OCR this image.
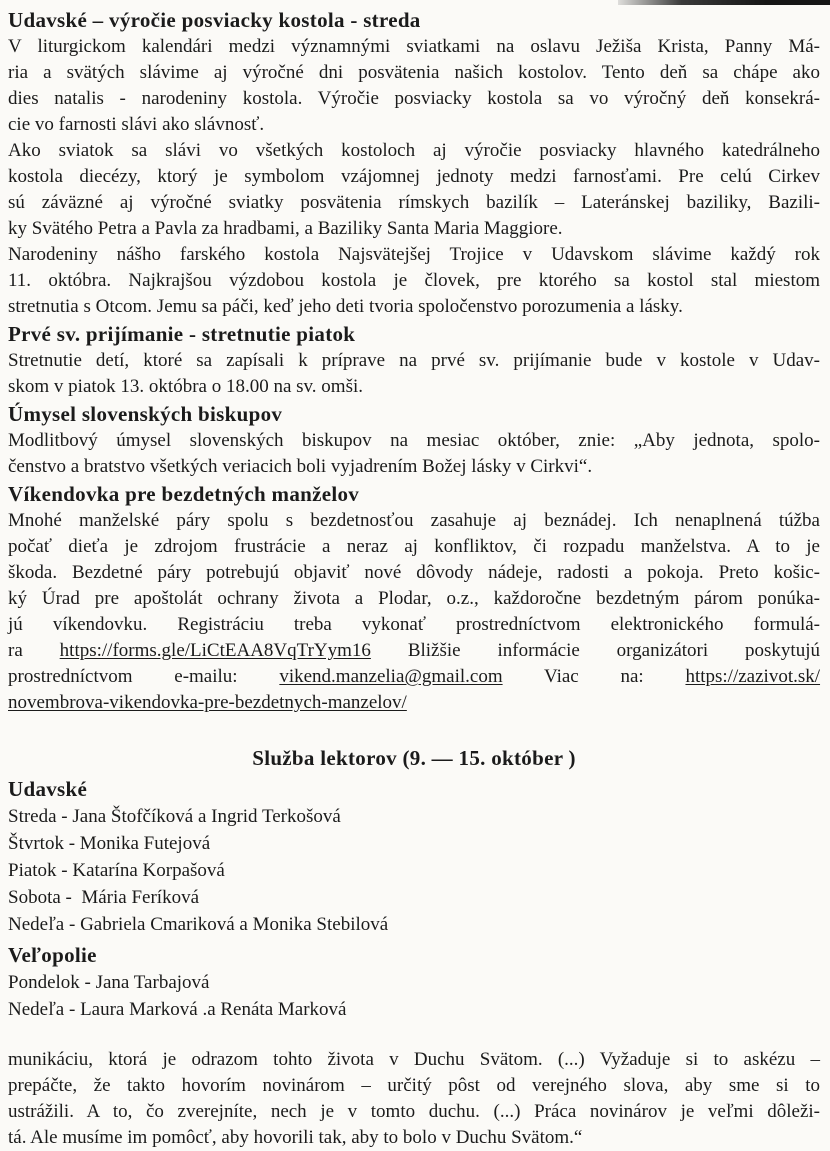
Udavské – výročie posviacky kostola - streda
V liturgickom kalendári medzi významnými sviatkami na oslavu Ježiša Krista, Panny Má-
ria a svätých slávime aj výročné dni posvätenia našich kostolov. Tento deň sa chápe ako
dies natalis - narodeniny kostola. Výročie posviacky kostola sa vo výročný deň konsekrá-
cie vo farnosti slávi ako slávnosť.
Ako sviatok sa slávi vo všetkých kostoloch aj výročie posviacky hlavného katedrálneho
kostola diecézy, ktorý je symbolom vzájomnej jednoty medzi farnosťami. Pre celú Cirkev
sú záväzné aj výročné sviatky posvätenia rímskych bazilík – Lateránskej baziliky, Bazili-
ky Svätého Petra a Pavla za hradbami, a Baziliky Santa Maria Maggiore.
Narodeniny nášho farského kostola Najsvätejšej Trojice v Udavskom slávime každý rok
11. októbra. Najkrajšou výzdobou kostola je človek, pre ktorého sa kostol stal miestom
stretnutia s Otcom. Jemu sa páči, keď jeho deti tvoria spoločenstvo porozumenia a lásky.
Prvé sv. prijímanie - stretnutie piatok
Stretnutie detí, ktoré sa zapísali k príprave na prvé sv. prijímanie bude v kostole v Udav-
skom v piatok 13. októbra o 18.00 na sv. omši.
Úmysel slovenských biskupov
Modlitbový úmysel slovenských biskupov na mesiac október, znie: „Aby jednota, spolo-
čenstvo a bratstvo všetkých veriacich boli vyjadrením Božej lásky v Cirkvi“.
Víkendovka pre bezdetných manželov
Mnohé manželské páry spolu s bezdetnosťou zasahuje aj beznádej. Ich nenaplnená túžba
počať dieťa je zdrojom frustrácie a neraz aj konfliktov, či rozpadu manželstva. A to je
škoda. Bezdetné páry potrebujú objaviť nové dôvody nádeje, radosti a pokoja. Preto košic-
ký Úrad pre apoštolát ochrany života a Plodar, o.z., každoročne bezdetným párom ponúka-
jú víkendovku. Registráciu treba vykonať prostredníctvom elektronického formulá-
ra https://forms.gle/LiCtEAA8VqTrYym16 Bližšie informácie organizátori poskytujú
prostredníctvom e-mailu: vikend.manzelia@gmail.com Viac na: https://zazivot.sk/
novembrova-vikendovka-pre-bezdetnych-manzelov/
Služba lektorov (9. — 15. október )
Udavské
Streda - Jana Štofčíková a Ingrid Terkošová
Štvrtok - Monika Futejová
Piatok - Katarína Korpašová
Sobota -  Mária Feríková
Nedeľa - Gabriela Cmariková a Monika Stebilová
Veľopolie
Pondelok - Jana Tarbajová
Nedeľa - Laura Marková .a Renáta Marková
munikáciu, ktorá je odrazom tohto života v Duchu Svätom. (...) Vyžaduje si to askézu –
prepáčte, že takto hovorím novinárom – určitý pôst od verejného slova, aby sme si to
ustrážili. A to, čo zverejníte, nech je v tomto duchu. (...) Práca novinárov je veľmi dôleži-
tá. Ale musíme im pomôcť, aby hovorili tak, aby to bolo v Duchu Svätom.“
